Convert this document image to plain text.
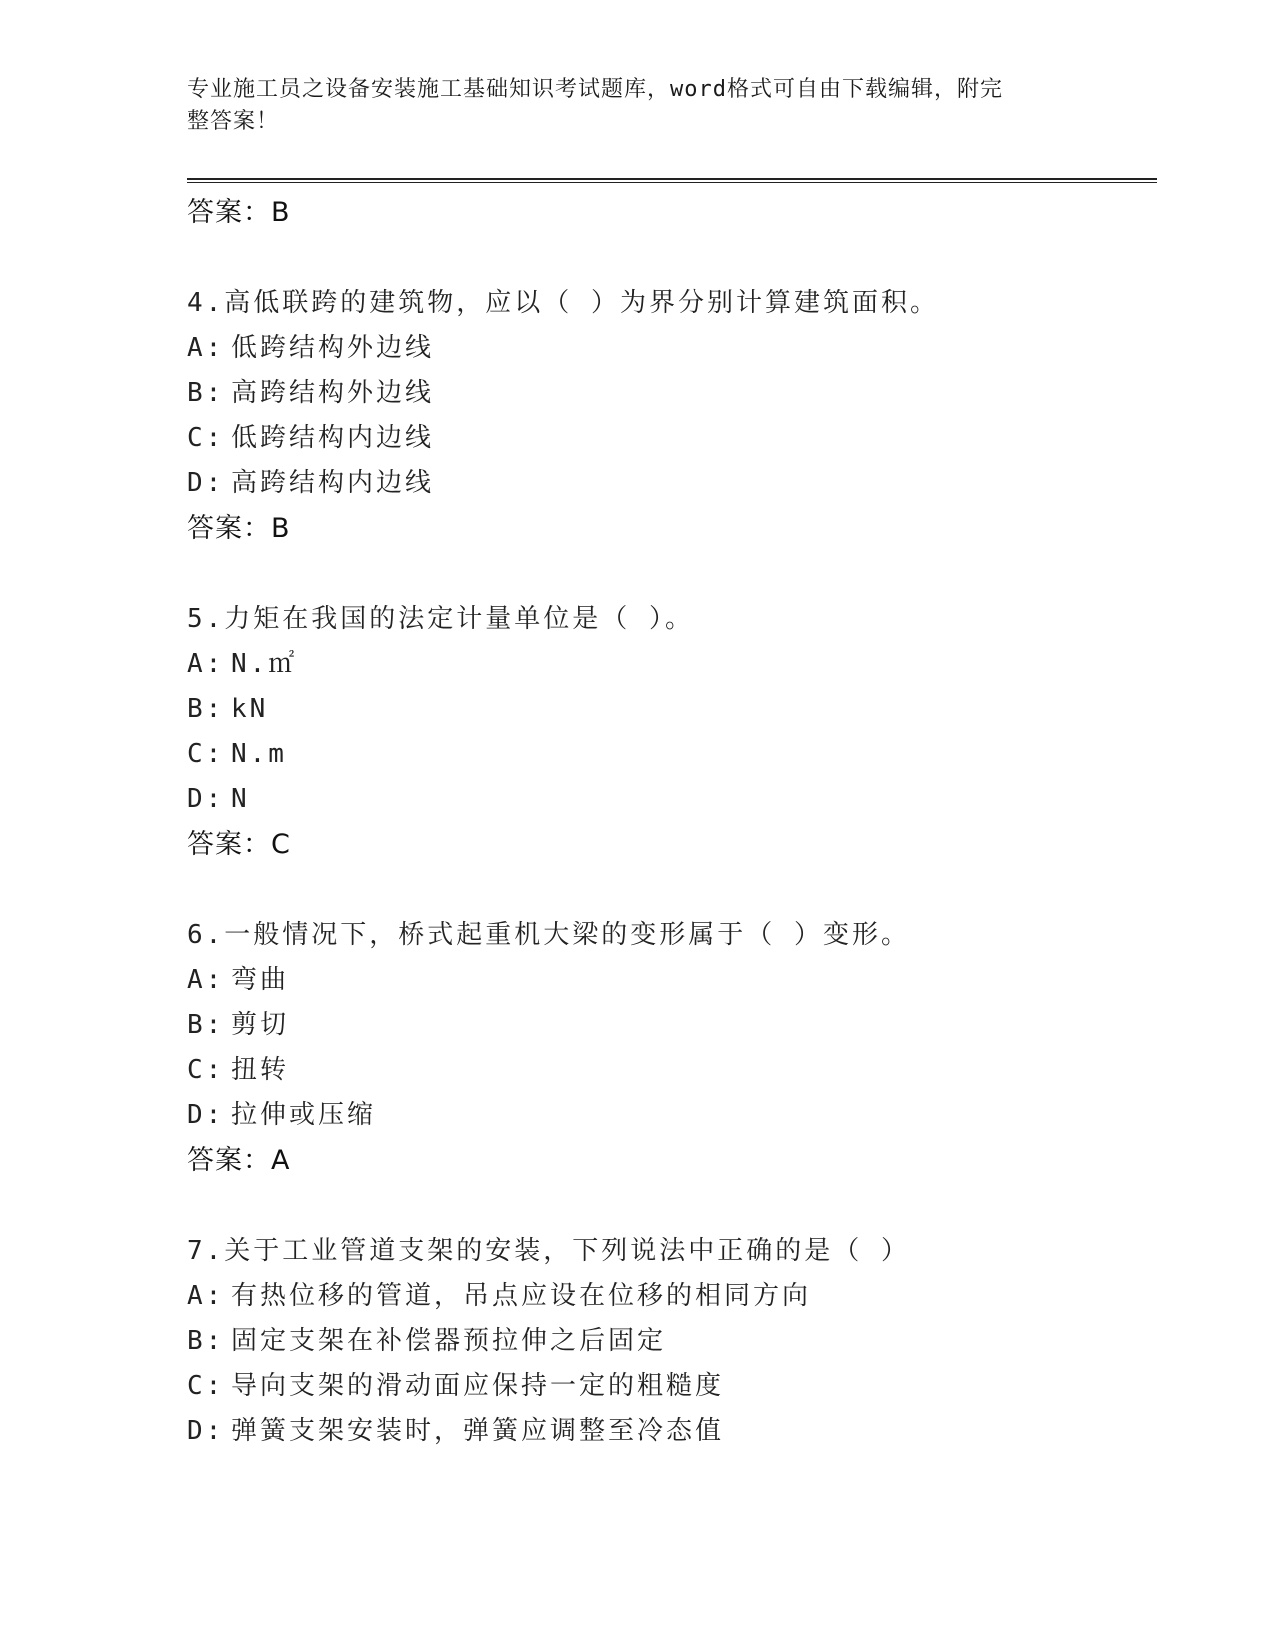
专业施工员之设备安装施工基础知识考试题库，word格式可自由下载编辑，附完
整答案！
答案：B
4.高低联跨的建筑物，应以（ ）为界分别计算建筑面积。
A: 低跨结构外边线
B: 高跨结构外边线
C: 低跨结构内边线
D: 高跨结构内边线
答案：B
5.力矩在我国的法定计量单位是（ ）。
A: N.㎡
B: kN
C: N.m
D: N
答案：C
6.一般情况下，桥式起重机大梁的变形属于（ ）变形。
A: 弯曲
B: 剪切
C: 扭转
D: 拉伸或压缩
答案：A
7.关于工业管道支架的安装，下列说法中正确的是（ ）
A: 有热位移的管道，吊点应设在位移的相同方向
B: 固定支架在补偿器预拉伸之后固定
C: 导向支架的滑动面应保持一定的粗糙度
D: 弹簧支架安装时，弹簧应调整至冷态值
